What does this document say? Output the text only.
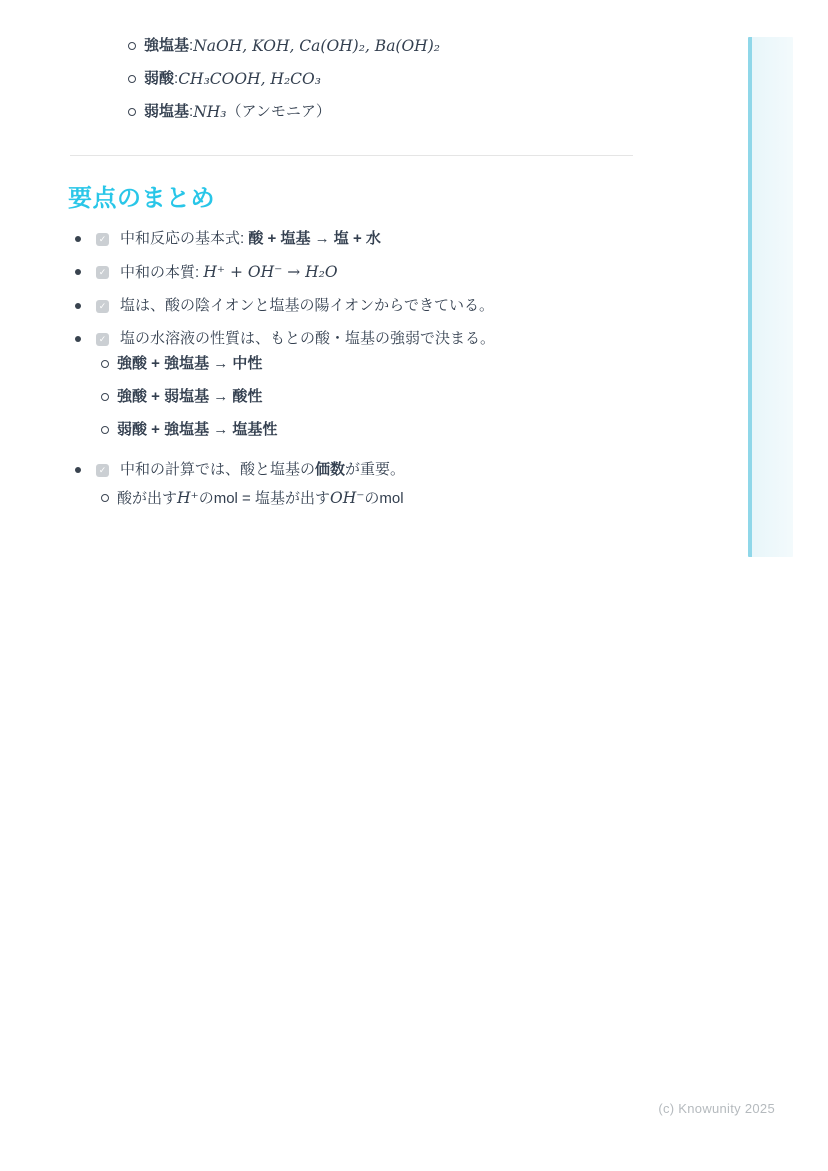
強塩基 : NaOH, KOH, Ca(OH)₂, Ba(OH)₂
弱酸 : CH₃COOH, H₂CO₃
弱塩基 : NH₃ （アンモニア）
要点のまとめ
✓ 中和反応の基本式: 酸 + 塩基 → 塩 + 水
✓ 中和の本質: H⁺ + OH⁻ → H₂O
✓ 塩は、酸の陰イオンと塩基の陽イオンからできている。
✓ 塩の水溶液の性質は、もとの酸・塩基の強弱で決まる。
強酸 + 強塩基 → 中性
強酸 + 弱塩基 → 酸性
弱酸 + 強塩基 → 塩基性
✓ 中和の計算では、酸と塩基の価数が重要。
酸が出すH⁺のmol = 塩基が出すOH⁻のmol
(c) Knowunity 2025
